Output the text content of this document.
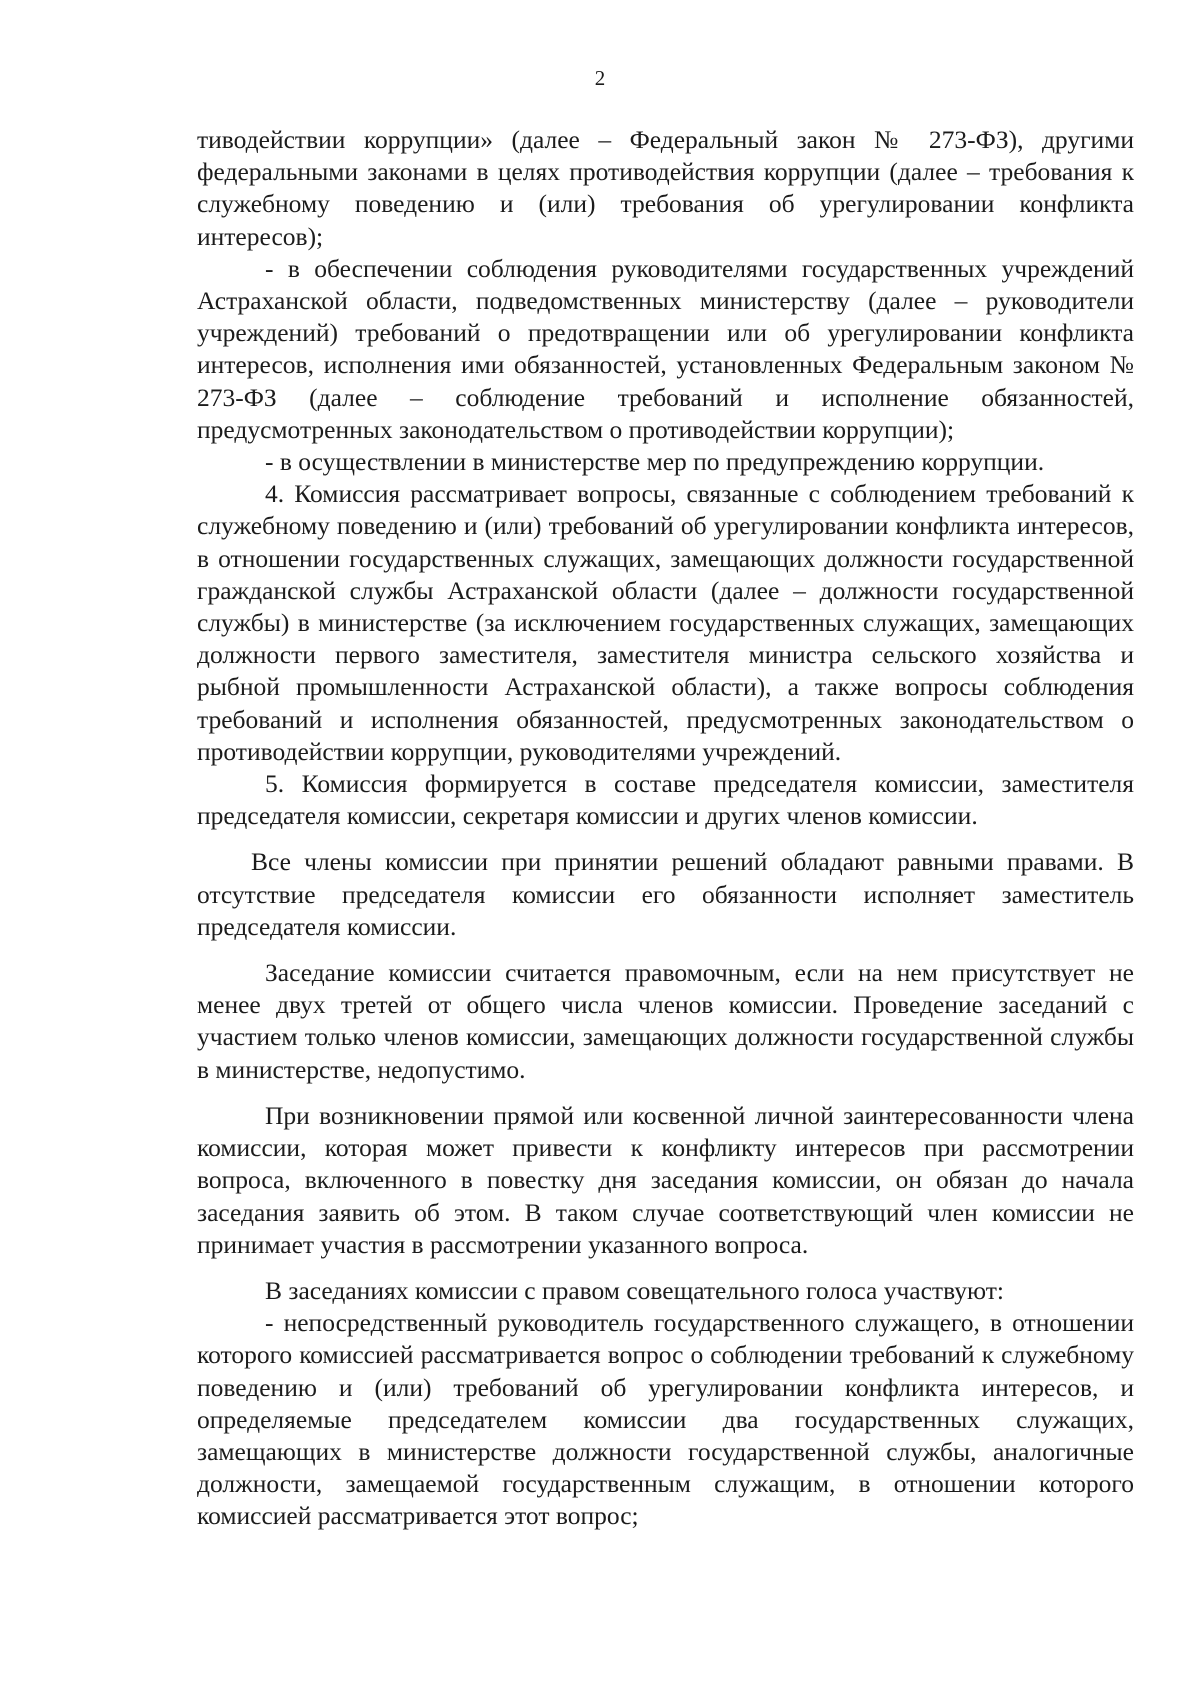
2

тиводействии коррупции» (далее – Федеральный закон № 273-ФЗ), другими федеральными законами в целях противодействия коррупции (далее – требования к служебному поведению и (или) требования об урегулировании конфликта интересов);

- в обеспечении соблюдения руководителями государственных учреждений Астраханской области, подведомственных министерству (далее – руководители учреждений) требований о предотвращении или об урегулировании конфликта интересов, исполнения ими обязанностей, установленных Федеральным законом № 273-ФЗ (далее – соблюдение требований и исполнение обязанностей, предусмотренных законодательством о противодействии коррупции);

- в осуществлении в министерстве мер по предупреждению коррупции.

4. Комиссия рассматривает вопросы, связанные с соблюдением требований к служебному поведению и (или) требований об урегулировании конфликта интересов, в отношении государственных служащих, замещающих должности государственной гражданской службы Астраханской области (далее – должности государственной службы) в министерстве (за исключением государственных служащих, замещающих должности первого заместителя, заместителя министра сельского хозяйства и рыбной промышленности Астраханской области), а также вопросы соблюдения требований и исполнения обязанностей, предусмотренных законодательством о противодействии коррупции, руководителями учреждений.

5. Комиссия формируется в составе председателя комиссии, заместителя председателя комиссии, секретаря комиссии и других членов комиссии.

Все члены комиссии при принятии решений обладают равными правами. В отсутствие председателя комиссии его обязанности исполняет заместитель председателя комиссии.

Заседание комиссии считается правомочным, если на нем присутствует не менее двух третей от общего числа членов комиссии. Проведение заседаний с участием только членов комиссии, замещающих должности государственной службы в министерстве, недопустимо.

При возникновении прямой или косвенной личной заинтересованности члена комиссии, которая может привести к конфликту интересов при рассмотрении вопроса, включенного в повестку дня заседания комиссии, он обязан до начала заседания заявить об этом. В таком случае соответствующий член комиссии не принимает участия в рассмотрении указанного вопроса.

В заседаниях комиссии с правом совещательного голоса участвуют:

- непосредственный руководитель государственного служащего, в отношении которого комиссией рассматривается вопрос о соблюдении требований к служебному поведению и (или) требований об урегулировании конфликта интересов, и определяемые председателем комиссии два государственных служащих, замещающих в министерстве должности государственной службы, аналогичные должности, замещаемой государственным служащим, в отношении которого комиссией рассматривается этот вопрос;
